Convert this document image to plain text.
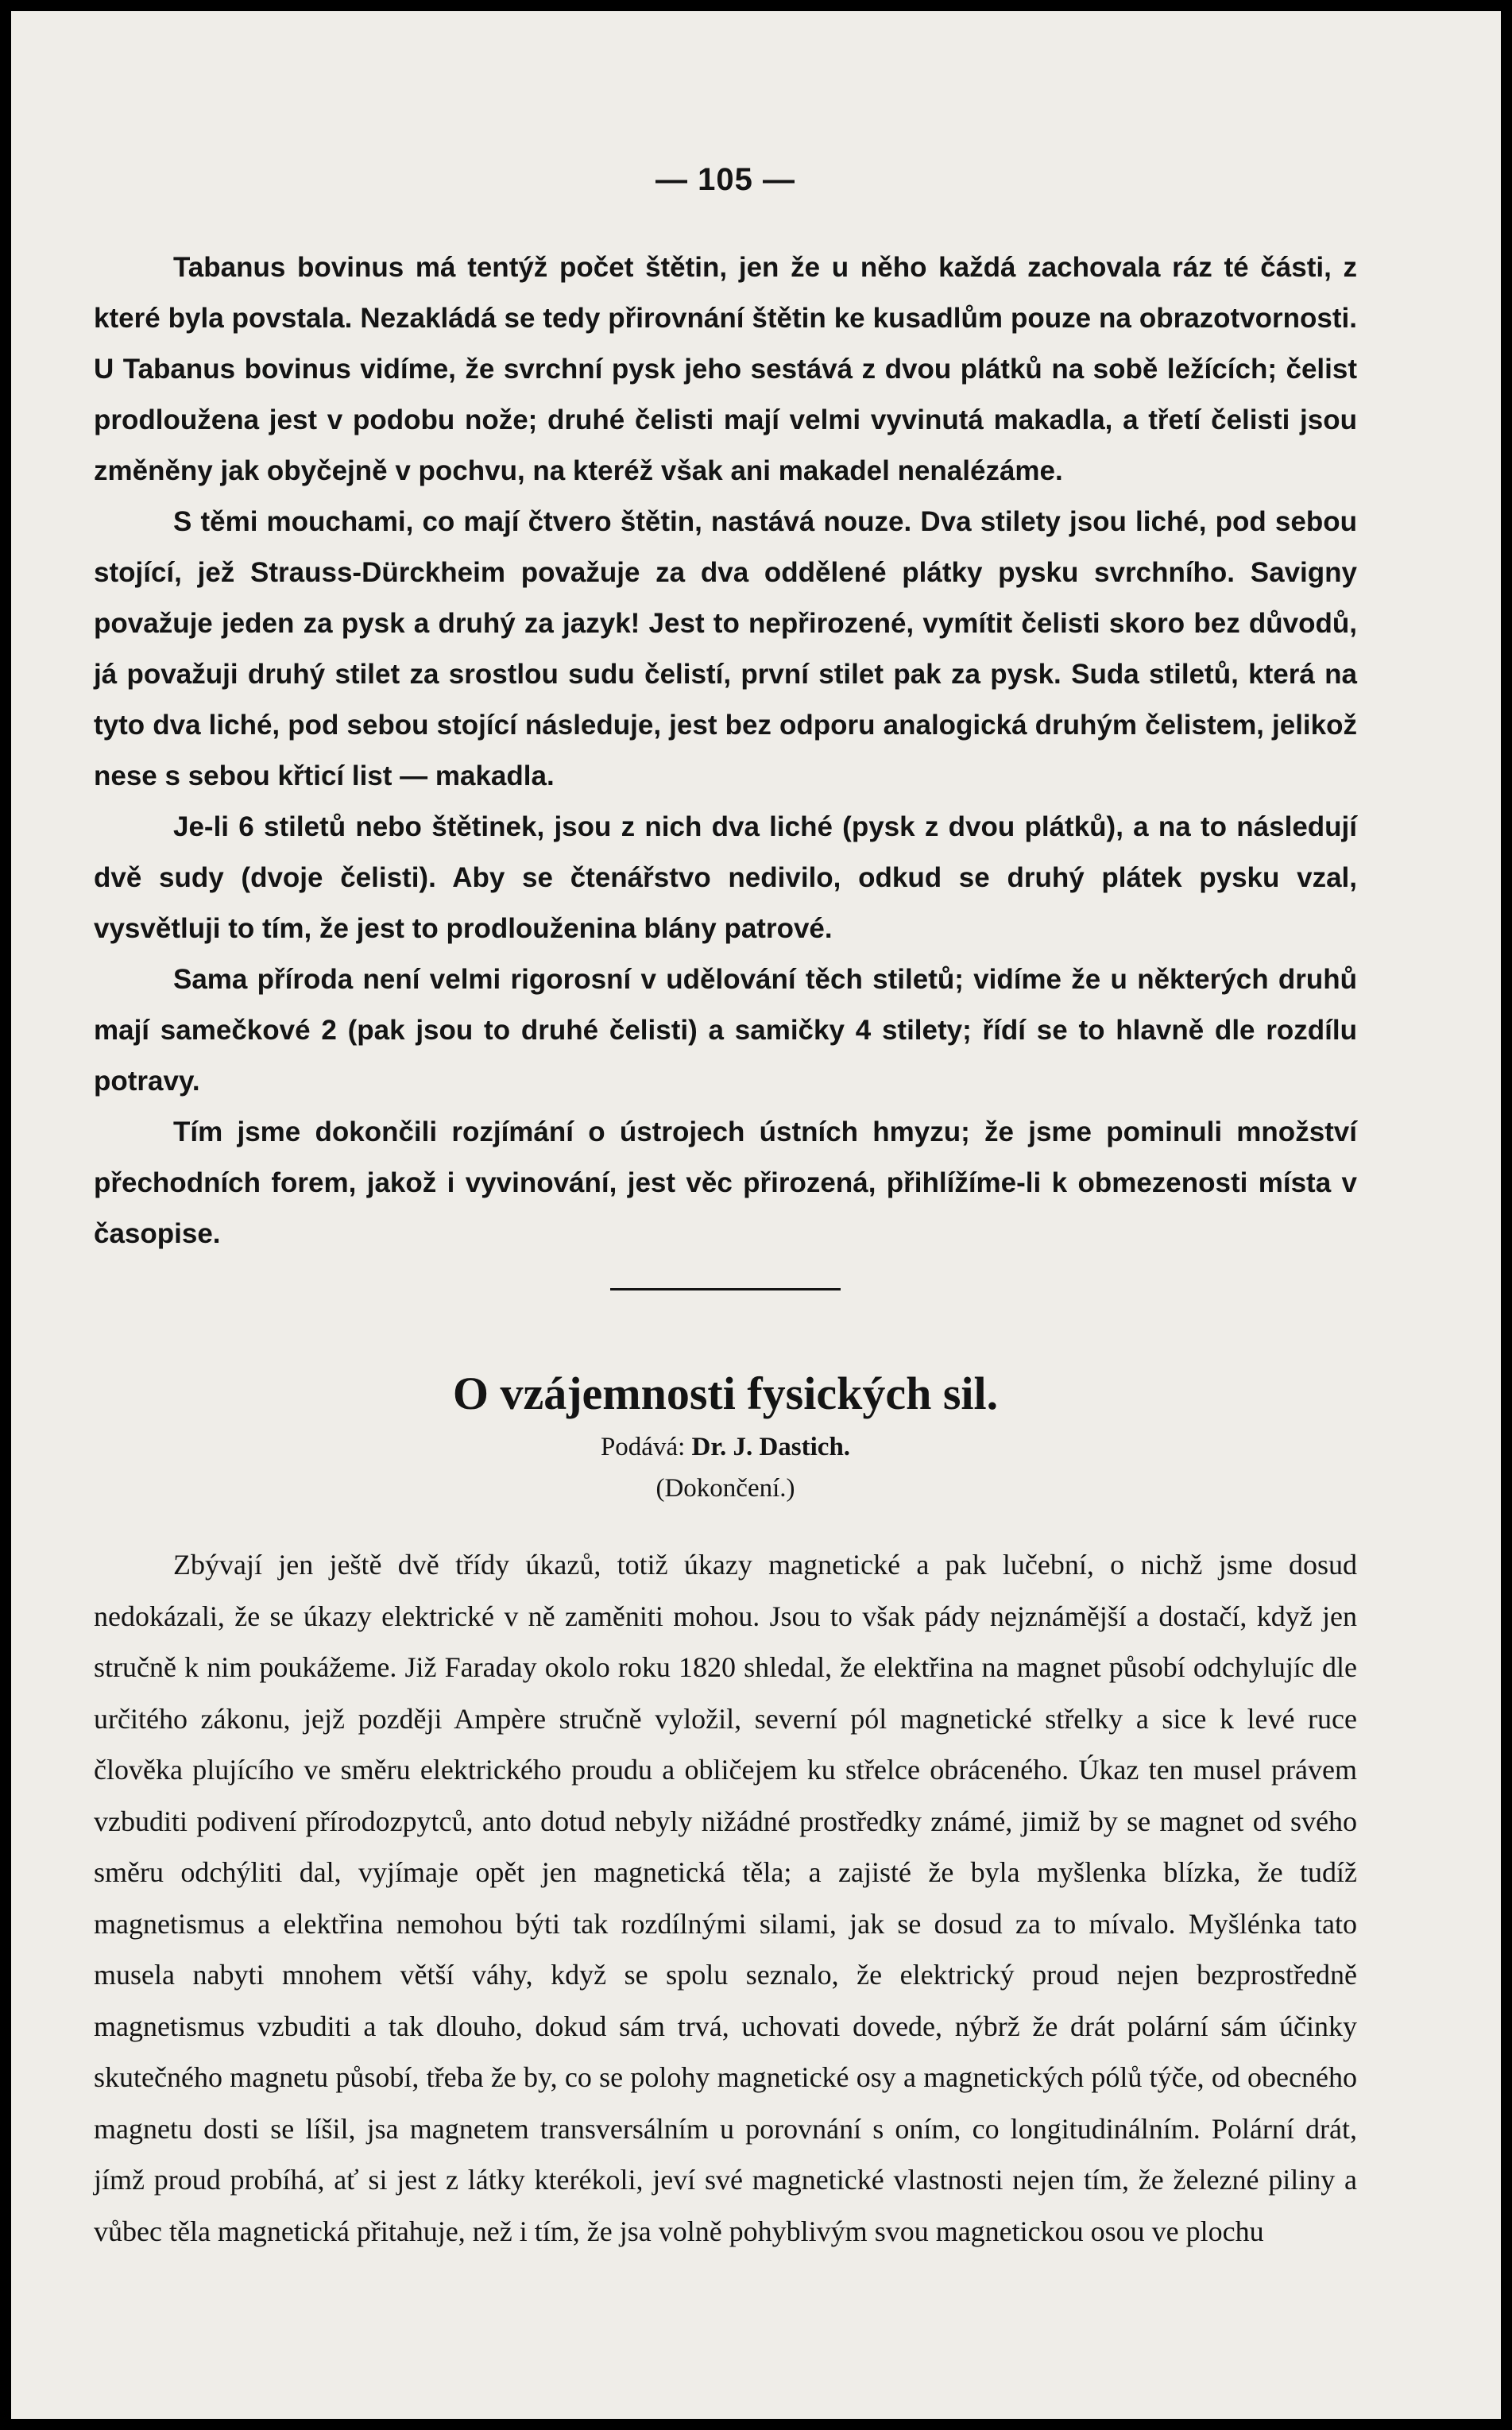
— 105 —

Tabanus bovinus má tentýž počet štětin, jen že u něho každá zachovala ráz té části, z které byla povstala. Nezakládá se tedy přirovnání štětin ke kusadlům pouze na obrazotvornosti. U Tabanus bovinus vidíme, že svrchní pysk jeho sestává z dvou plátků na sobě ležících; čelist prodloužena jest v podobu nože; druhé čelisti mají velmi vyvinutá makadla, a třetí čelisti jsou změněny jak obyčejně v pochvu, na kteréž však ani makadel nenalézáme.

S těmi mouchami, co mají čtvero štětin, nastává nouze. Dva stilety jsou liché, pod sebou stojící, jež Strauss-Dürckheim považuje za dva oddělené plátky pysku svrchního. Savigny považuje jeden za pysk a druhý za jazyk! Jest to nepřirozené, vymítit čelisti skoro bez důvodů, já považuji druhý stilet za srostlou sudu čelistí, první stilet pak za pysk. Suda stiletů, která na tyto dva liché, pod sebou stojící následuje, jest bez odporu analogická druhým čelistem, jelikož nese s sebou křticí list — makadla.

Je-li 6 stiletů nebo štětinek, jsou z nich dva liché (pysk z dvou plátků), a na to následují dvě sudy (dvoje čelisti). Aby se čtenářstvo nedivilo, odkud se druhý plátek pysku vzal, vysvětluji to tím, že jest to prodlouženina blány patrové.

Sama příroda není velmi rigorosní v udělování těch stiletů; vidíme že u některých druhů mají samečkové 2 (pak jsou to druhé čelisti) a samičky 4 stilety; řídí se to hlavně dle rozdílu potravy.

Tím jsme dokončili rozjímání o ústrojech ústních hmyzu; že jsme pominuli množství přechodních forem, jakož i vyvinování, jest věc přirozená, přihlížíme-li k obmezenosti místa v časopise.

O vzájemnosti fysických sil.
Podává: Dr. J. Dastich.
(Dokončení.)

Zbývají jen ještě dvě třídy úkazů, totiž úkazy magnetické a pak lučební, o nichž jsme dosud nedokázali, že se úkazy elektrické v ně zaměniti mohou. Jsou to však pády nejznámější a dostačí, když jen stručně k nim poukážeme. Již Faraday okolo roku 1820 shledal, že elektřina na magnet působí odchylujíc dle určitého zákonu, jejž později Ampère stručně vyložil, severní pól magnetické střelky a sice k levé ruce člověka plujícího ve směru elektrického proudu a obličejem ku střelce obráceného. Úkaz ten musel právem vzbuditi podivení přírodozpytců, anto dotud nebyly nižádné prostředky známé, jimiž by se magnet od svého směru odchýliti dal, vyjímaje opět jen magnetická těla; a zajisté že byla myšlenka blízka, že tudíž magnetismus a elektřina nemohou býti tak rozdílnými silami, jak se dosud za to mívalo. Myšlénka tato musela nabyti mnohem větší váhy, když se spolu seznalo, že elektrický proud nejen bezprostředně magnetismus vzbuditi a tak dlouho, dokud sám trvá, uchovati dovede, nýbrž že drát polární sám účinky skutečného magnetu působí, třeba že by, co se polohy magnetické osy a magnetických pólů týče, od obecného magnetu dosti se líšil, jsa magnetem transversálním u porovnání s oním, co longitudinálním. Polární drát, jímž proud probíhá, ať si jest z látky kterékoli, jeví své magnetické vlastnosti nejen tím, že železné piliny a vůbec těla magnetická přitahuje, než i tím, že jsa volně pohyblivým svou magnetickou osou ve plochu
